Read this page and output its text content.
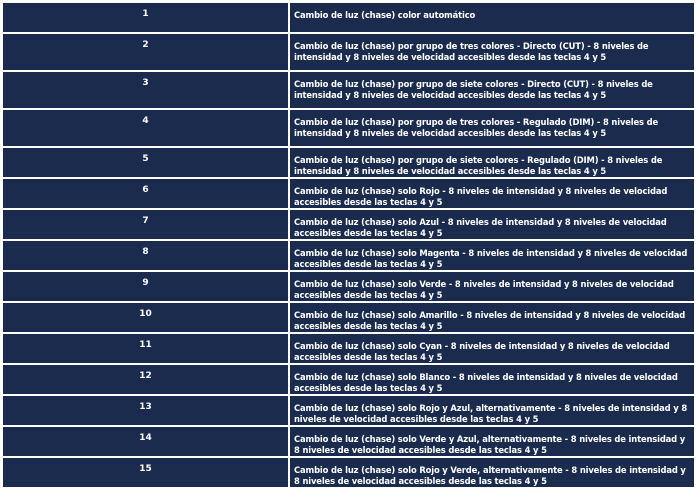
1	Cambio de luz (chase) color automático
2	Cambio de luz (chase) por grupo de tres colores - Directo (CUT) - 8 niveles de intensidad y 8 niveles de velocidad accesibles desde las teclas 4 y 5
3	Cambio de luz (chase) por grupo de siete colores - Directo (CUT) - 8 niveles de intensidad y 8 niveles de velocidad accesibles desde las teclas 4 y 5
4	Cambio de luz (chase) por grupo de tres colores - Regulado (DIM) - 8 niveles de intensidad y 8 niveles de velocidad accesibles desde las teclas 4 y 5
5	Cambio de luz (chase) por grupo de siete colores - Regulado (DIM) - 8 niveles de intensidad y 8 niveles de velocidad accesibles desde las teclas 4 y 5
6	Cambio de luz (chase) solo Rojo - 8 niveles de intensidad y 8 niveles de velocidad accesibles desde las teclas 4 y 5
7	Cambio de luz (chase) solo Azul - 8 niveles de intensidad y 8 niveles de velocidad accesibles desde las teclas 4 y 5
8	Cambio de luz (chase) solo Magenta - 8 niveles de intensidad y 8 niveles de velocidad accesibles desde las teclas 4 y 5
9	Cambio de luz (chase) solo Verde - 8 niveles de intensidad y 8 niveles de velocidad accesibles desde las teclas 4 y 5
10	Cambio de luz (chase) solo Amarillo - 8 niveles de intensidad y 8 niveles de velocidad accesibles desde las teclas 4 y 5
11	Cambio de luz (chase) solo Cyan - 8 niveles de intensidad y 8 niveles de velocidad accesibles desde las teclas 4 y 5
12	Cambio de luz (chase) solo Blanco - 8 niveles de intensidad y 8 niveles de velocidad accesibles desde las teclas 4 y 5
13	Cambio de luz (chase) solo Rojo y Azul, alternativamente - 8 niveles de intensidad y 8 niveles de velocidad accesibles desde las teclas 4 y 5
14	Cambio de luz (chase) solo Verde y Azul, alternativamente - 8 niveles de intensidad y 8 niveles de velocidad accesibles desde las teclas 4 y 5
15	Cambio de luz (chase) solo Rojo y Verde, alternativamente - 8 niveles de intensidad y 8 niveles de velocidad accesibles desde las teclas 4 y 5
